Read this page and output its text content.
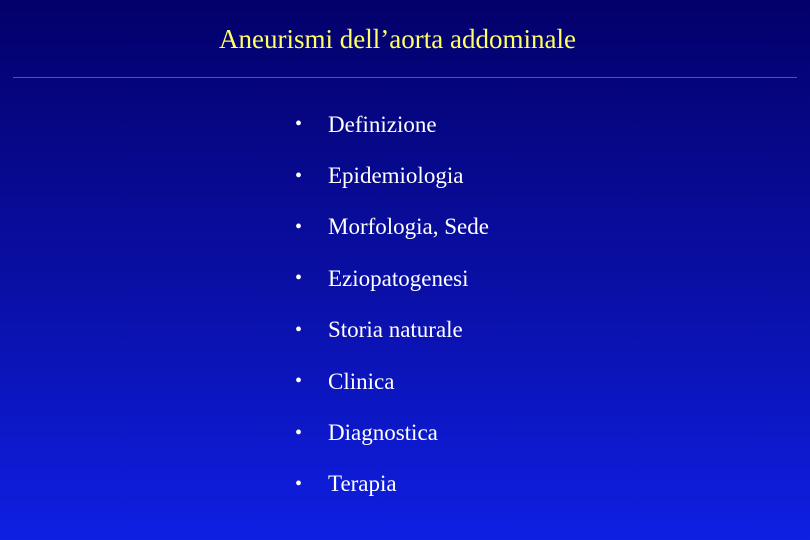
Aneurismi dell’aorta addominale
•	Definizione
•	Epidemiologia
•	Morfologia, Sede
•	Eziopatogenesi
•	Storia naturale
•	Clinica
•	Diagnostica
•	Terapia
